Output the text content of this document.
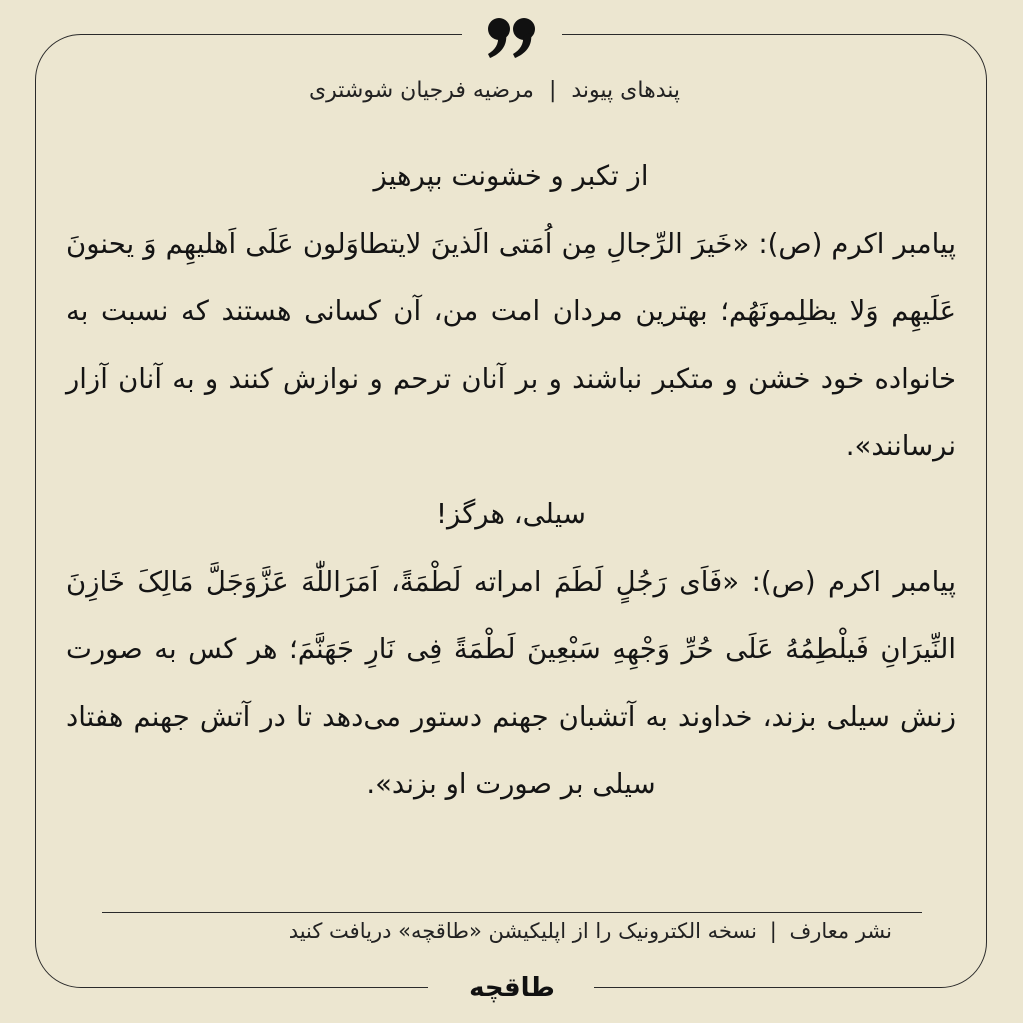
پندهای پیوند | مرضیه فرجیان شوشتری

از تکبر و خشونت بپرهیز

پیامبر اکرم (ص): «خَیرَ الرِّجالِ مِن اُمَتی الَذینَ لایتطاوَلون عَلَی اَهلیهِم وَ یحنونَ عَلَیهِم وَلا یظلِمونَهُم؛ بهترین مردان امت من، آن کسانی هستند که نسبت به خانواده خود خشن و متکبر نباشند و بر آنان ترحم و نوازش کنند و به آنان آزار نرسانند».

سیلی، هرگز!

پیامبر اکرم (ص): «فَاَی رَجُلٍ لَطَمَ امراته لَطْمَةً، اَمَرَاللّٰهَ عَزَّوَجَلَّ مَالِکَ خَازِنَ النِّیرَانِ فَیلْطِمُهُ عَلَی حُرِّ وَجْهِهِ سَبْعِینَ لَطْمَةً فِی نَارِ جَهَنَّمَ؛ هر کس به صورت زنش سیلی بزند، خداوند به آتشبان جهنم دستور می‌دهد تا در آتش جهنم هفتاد سیلی بر صورت او بزند».

نشر معارف | نسخه الکترونیک را از اپلیکیشن «طاقچه» دریافت کنید
طاقچه
